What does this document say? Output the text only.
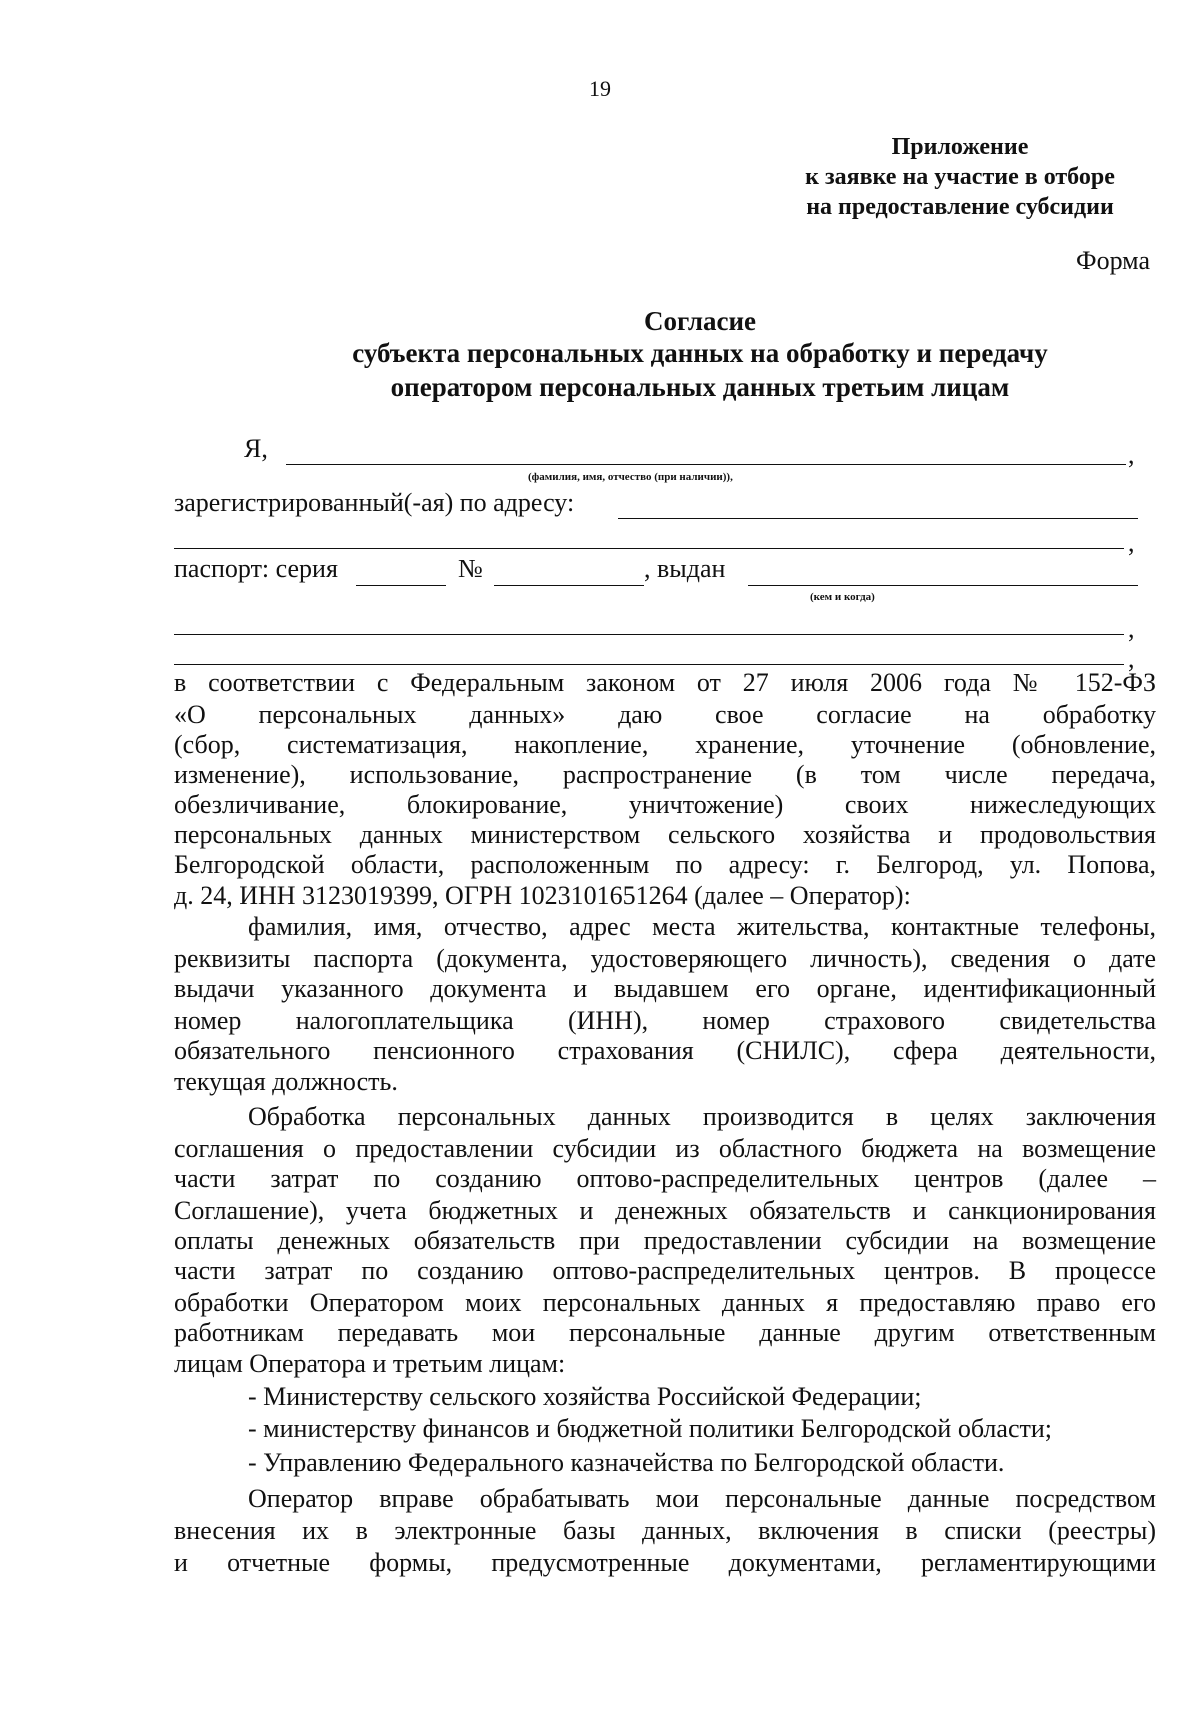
19
Приложение
к заявке на участие в отборе
на предоставление субсидии
Форма
Согласие
субъекта персональных данных на обработку и передачу
оператором персональных данных третьим лицам
Я,	,
(фамилия, имя, отчество (при наличии)),
зарегистрированный(-ая) по адресу:
,
паспорт: серия	№	, выдан
(кем и когда)
,
,
в соответствии с Федеральным законом от 27 июля 2006 года № 152-ФЗ
«О персональных данных» даю свое согласие на обработку
(сбор, систематизация, накопление, хранение, уточнение (обновление,
изменение), использование, распространение (в том числе передача,
обезличивание, блокирование, уничтожение) своих нижеследующих
персональных данных министерством сельского хозяйства и продовольствия
Белгородской области, расположенным по адресу: г. Белгород, ул. Попова,
д. 24, ИНН 3123019399, ОГРН 1023101651264 (далее – Оператор):
фамилия, имя, отчество, адрес места жительства, контактные телефоны,
реквизиты паспорта (документа, удостоверяющего личность), сведения о дате
выдачи указанного документа и выдавшем его органе, идентификационный
номер налогоплательщика (ИНН), номер страхового свидетельства
обязательного пенсионного страхования (СНИЛС), сфера деятельности,
текущая должность.
Обработка персональных данных производится в целях заключения
соглашения о предоставлении субсидии из областного бюджета на возмещение
части затрат по созданию оптово-распределительных центров (далее –
Соглашение), учета бюджетных и денежных обязательств и санкционирования
оплаты денежных обязательств при предоставлении субсидии на возмещение
части затрат по созданию оптово-распределительных центров. В процессе
обработки Оператором моих персональных данных я предоставляю право его
работникам передавать мои персональные данные другим ответственным
лицам Оператора и третьим лицам:
- Министерству сельского хозяйства Российской Федерации;
- министерству финансов и бюджетной политики Белгородской области;
- Управлению Федерального казначейства по Белгородской области.
Оператор вправе обрабатывать мои персональные данные посредством
внесения их в электронные базы данных, включения в списки (реестры)
и отчетные формы, предусмотренные документами, регламентирующими
